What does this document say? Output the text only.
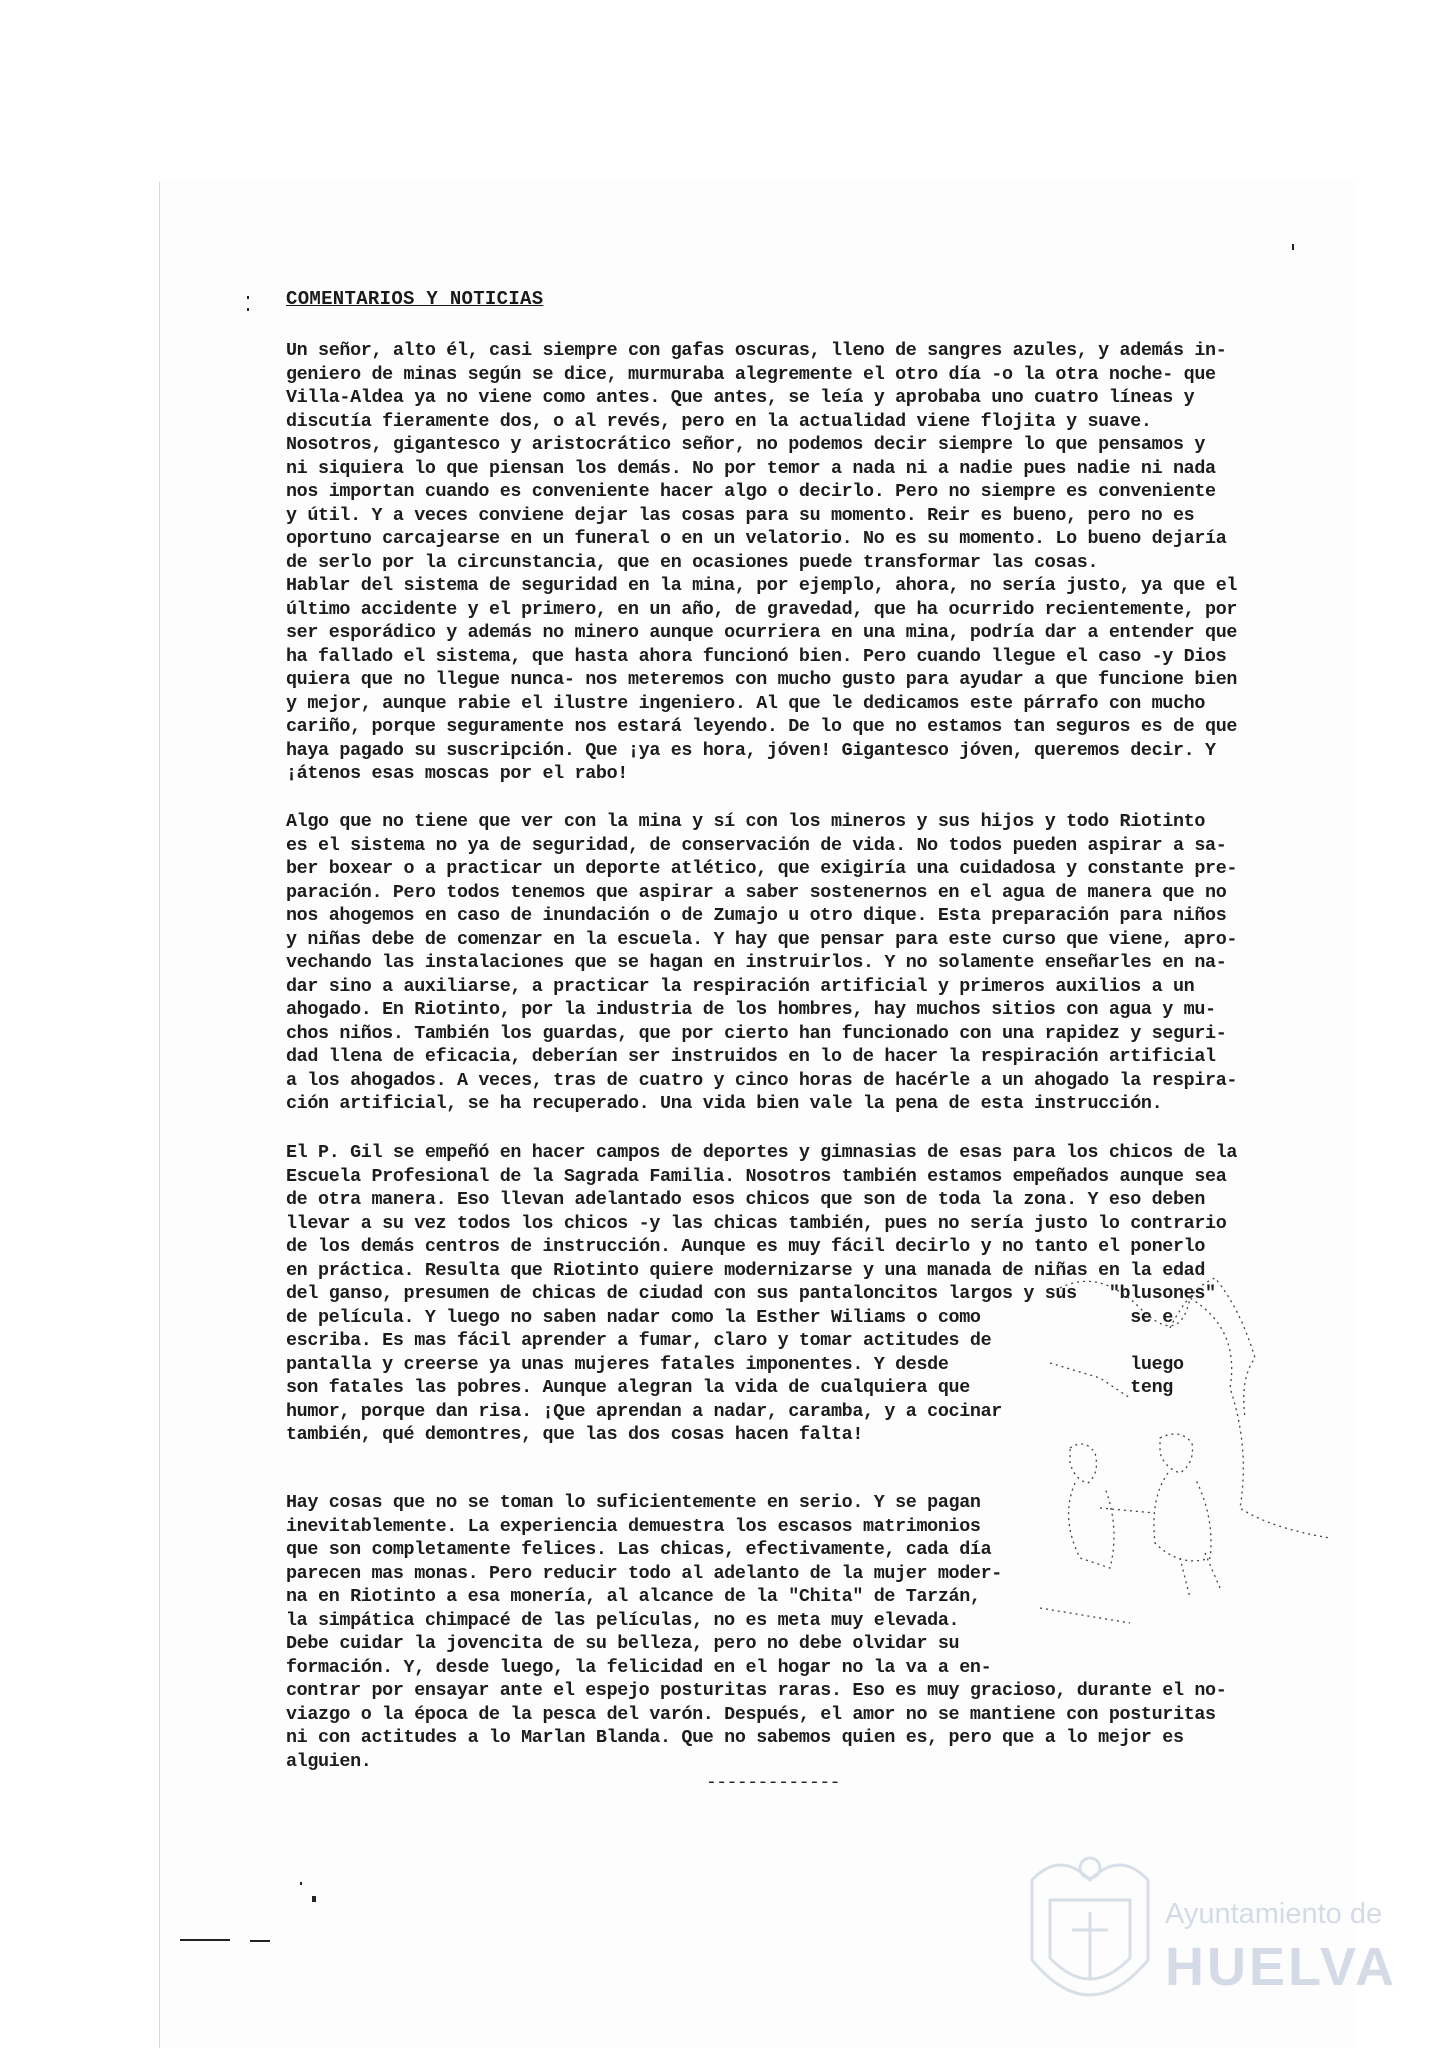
COMENTARIOS Y NOTICIAS
Un señor, alto él, casi siempre con gafas oscuras, lleno de sangres azules, y además in-
geniero de minas según se dice, murmuraba alegremente el otro día -o la otra noche- que
Villa-Aldea ya no viene como antes. Que antes, se leía y aprobaba uno cuatro líneas y
discutía fieramente dos, o al revés, pero en la actualidad viene flojita y suave.
Nosotros, gigantesco y aristocrático señor, no podemos decir siempre lo que pensamos y
ni siquiera lo que piensan los demás. No por temor a nada ni a nadie pues nadie ni nada
nos importan cuando es conveniente hacer algo o decirlo. Pero no siempre es conveniente
y útil. Y a veces conviene dejar las cosas para su momento. Reir es bueno, pero no es
oportuno carcajearse en un funeral o en un velatorio. No es su momento. Lo bueno dejaría
de serlo por la circunstancia, que en ocasiones puede transformar las cosas.
Hablar del sistema de seguridad en la mina, por ejemplo, ahora, no sería justo, ya que el
último accidente y el primero, en un año, de gravedad, que ha ocurrido recientemente, por
ser esporádico y además no minero aunque ocurriera en una mina, podría dar a entender que
ha fallado el sistema, que hasta ahora funcionó bien. Pero cuando llegue el caso -y Dios
quiera que no llegue nunca- nos meteremos con mucho gusto para ayudar a que funcione bien
y mejor, aunque rabie el ilustre ingeniero. Al que le dedicamos este párrafo con mucho
cariño, porque seguramente nos estará leyendo. De lo que no estamos tan seguros es de que
haya pagado su suscripción. Que ¡ya es hora, jóven! Gigantesco jóven, queremos decir. Y
¡átenos esas moscas por el rabo!
Algo que no tiene que ver con la mina y sí con los mineros y sus hijos y todo Riotinto
es el sistema no ya de seguridad, de conservación de vida. No todos pueden aspirar a sa-
ber boxear o a practicar un deporte atlético, que exigiría una cuidadosa y constante pre-
paración. Pero todos tenemos que aspirar a saber sostenernos en el agua de manera que no
nos ahogemos en caso de inundación o de Zumajo u otro dique. Esta preparación para niños
y niñas debe de comenzar en la escuela. Y hay que pensar para este curso que viene, apro-
vechando las instalaciones que se hagan en instruirlos. Y no solamente enseñarles en na-
dar sino a auxiliarse, a practicar la respiración artificial y primeros auxilios a un
ahogado. En Riotinto, por la industria de los hombres, hay muchos sitios con agua y mu-
chos niños. También los guardas, que por cierto han funcionado con una rapidez y seguri-
dad llena de eficacia, deberían ser instruidos en lo de hacer la respiración artificial
a los ahogados. A veces, tras de cuatro y cinco horas de hacérle a un ahogado la respira-
ción artificial, se ha recuperado. Una vida bien vale la pena de esta instrucción.
El P. Gil se empeñó en hacer campos de deportes y gimnasias de esas para los chicos de la
Escuela Profesional de la Sagrada Familia. Nosotros también estamos empeñados aunque sea
de otra manera. Eso llevan adelantado esos chicos que son de toda la zona. Y eso deben
llevar a su vez todos los chicos -y las chicas también, pues no sería justo lo contrario
de los demás centros de instrucción. Aunque es muy fácil decirlo y no tanto el ponerlo
en práctica. Resulta que Riotinto quiere modernizarse y una manada de niñas en la edad
del ganso, presumen de chicas de ciudad con sus pantaloncitos largos y sus   "blusones"
de película. Y luego no saben nadar como la Esther Wiliams o como              se e
escriba. Es mas fácil aprender a fumar, claro y tomar actitudes de
pantalla y creerse ya unas mujeres fatales imponentes. Y desde                 luego
son fatales las pobres. Aunque alegran la vida de cualquiera que               teng
humor, porque dan risa. ¡Que aprendan a nadar, caramba, y a cocinar
también, qué demontres, que las dos cosas hacen falta!
Hay cosas que no se toman lo suficientemente en serio. Y se pagan
inevitablemente. La experiencia demuestra los escasos matrimonios
que son completamente felices. Las chicas, efectivamente, cada día
parecen mas monas. Pero reducir todo al adelanto de la mujer moder-
na en Riotinto a esa monería, al alcance de la "Chita" de Tarzán,
la simpática chimpacé de las películas, no es meta muy elevada.
Debe cuidar la jovencita de su belleza, pero no debe olvidar su
formación. Y, desde luego, la felicidad en el hogar no la va a en-
contrar por ensayar ante el espejo posturitas raras. Eso es muy gracioso, durante el no-
viazgo o la época de la pesca del varón. Después, el amor no se mantiene con posturitas
ni con actitudes a lo Marlan Blanda. Que no sabemos quien es, pero que a lo mejor es
alguien.
-------------
Ayuntamiento de
HUELVA
